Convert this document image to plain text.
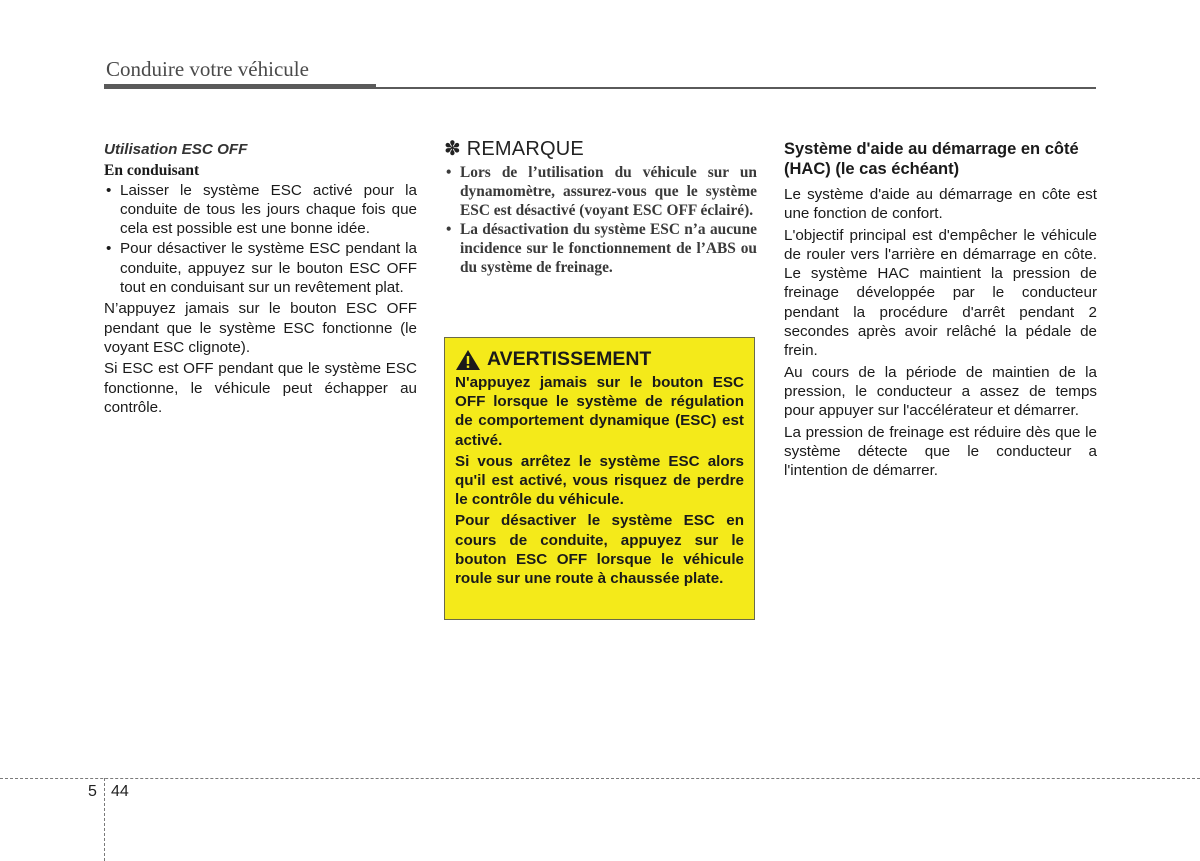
Conduire votre véhicule
Utilisation ESC OFF
En conduisant
• Laisser le système ESC activé pour la conduite de tous les jours chaque fois que cela est possible est une bonne idée.
• Pour désactiver le système ESC pendant la conduite, appuyez sur le bouton ESC OFF tout en conduisant sur un revêtement plat.

N’appuyez jamais sur le bouton ESC OFF pendant que le système ESC fonctionne (le voyant ESC clignote).

Si ESC est OFF pendant que le système ESC fonctionne, le véhicule peut échapper au contrôle.

✽ REMARQUE
• Lors de l’utilisation du véhicule sur un dynamomètre, assurez-vous que le système ESC est désactivé (voyant ESC OFF éclairé).
• La désactivation du système ESC n’a aucune incidence sur le fonctionnement de l’ABS ou du système de freinage.
AVERTISSEMENT

N'appuyez jamais sur le bouton ESC OFF lorsque le système de régulation de comportement dynamique (ESC) est activé.

Si vous arrêtez le système ESC alors qu'il est activé, vous risquez de perdre le contrôle du véhicule.

Pour désactiver le système ESC en cours de conduite, appuyez sur le bouton ESC OFF lorsque le véhicule roule sur une route à chaussée plate.

Système d'aide au démarrage en côté (HAC) (le cas échéant)

Le système d'aide au démarrage en côte est une fonction de confort.

L'objectif principal est d'empêcher le véhicule de rouler vers l'arrière en démarrage en côte. Le système HAC maintient la pression de freinage développée par le conducteur pendant la procédure d'arrêt pendant 2 secondes après avoir relâché la pédale de frein.

Au cours de la période de maintien de la pression, le conducteur a assez de temps pour appuyer sur l'accélérateur et démarrer.

La pression de freinage est réduire dès que le système détecte que le conducteur a l'intention de démarrer.

5 44
